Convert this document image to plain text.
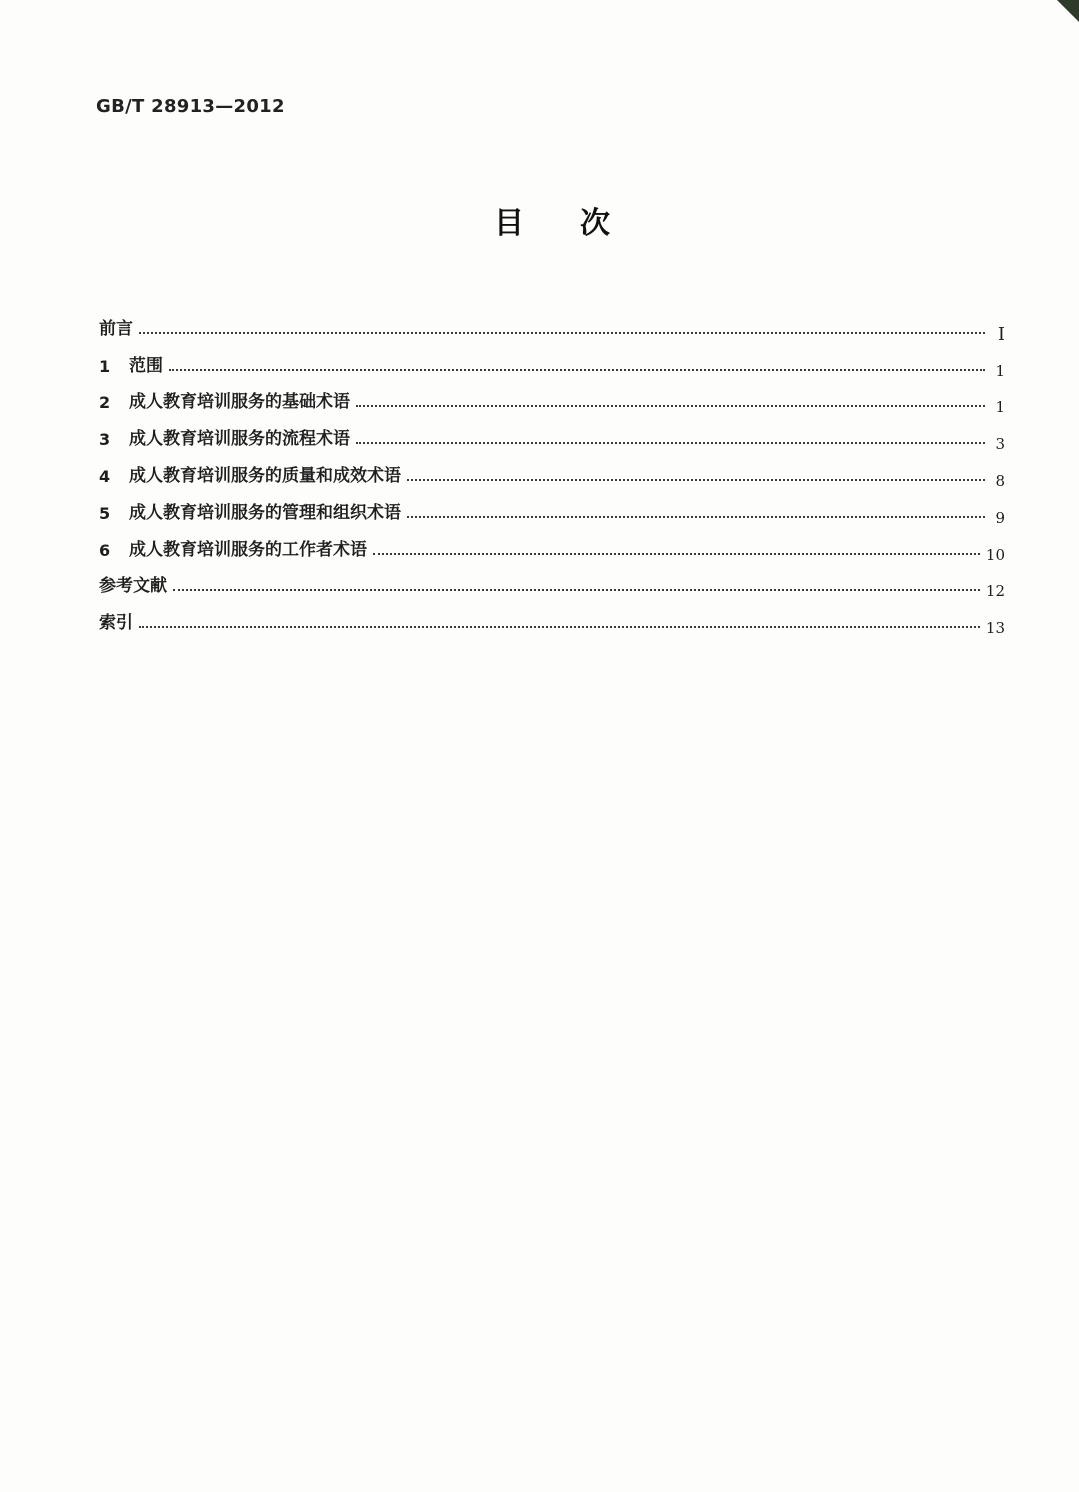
GB/T 28913—2012
目次
前言	Ⅰ
1	范围	1
2	成人教育培训服务的基础术语	1
3	成人教育培训服务的流程术语	3
4	成人教育培训服务的质量和成效术语	8
5	成人教育培训服务的管理和组织术语	9
6	成人教育培训服务的工作者术语	10
参考文献	12
索引	13
